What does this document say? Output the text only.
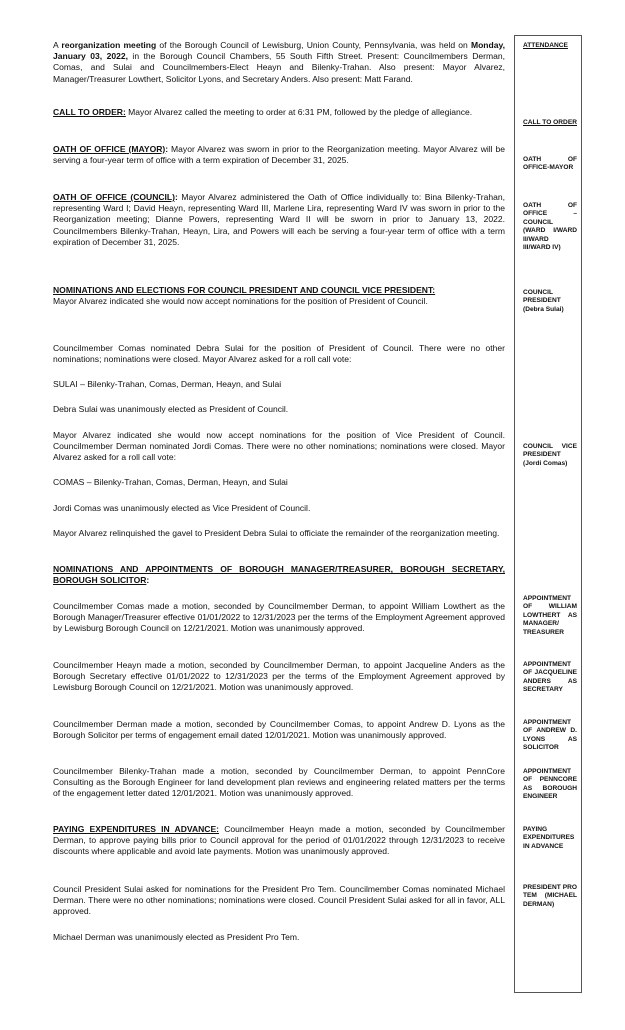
A reorganization meeting of the Borough Council of Lewisburg, Union County, Pennsylvania, was held on Monday, January 03, 2022, in the Borough Council Chambers, 55 South Fifth Street. Present: Councilmembers Derman, Comas, and Sulai and Councilmembers-Elect Heayn and Bilenky-Trahan. Also present: Mayor Alvarez, Manager/Treasurer Lowthert, Solicitor Lyons, and Secretary Anders. Also present: Matt Farand.

CALL TO ORDER: Mayor Alvarez called the meeting to order at 6:31 PM, followed by the pledge of allegiance.

OATH OF OFFICE (MAYOR): Mayor Alvarez was sworn in prior to the Reorganization meeting. Mayor Alvarez will be serving a four-year term of office with a term expiration of December 31, 2025.

OATH OF OFFICE (COUNCIL): Mayor Alvarez administered the Oath of Office individually to: Bina Bilenky-Trahan, representing Ward I; David Heayn, representing Ward III, Marlene Lira, representing Ward IV was sworn in prior to the Reorganization meeting; Dianne Powers, representing Ward II will be sworn in prior to January 13, 2022. Councilmembers Bilenky-Trahan, Heayn, Lira, and Powers will each be serving a four-year term of office with a term expiration of December 31, 2025.

NOMINATIONS AND ELECTIONS FOR COUNCIL PRESIDENT AND COUNCIL VICE PRESIDENT:
Mayor Alvarez indicated she would now accept nominations for the position of President of Council.

Councilmember Comas nominated Debra Sulai for the position of President of Council. There were no other nominations; nominations were closed. Mayor Alvarez asked for a roll call vote:

SULAI – Bilenky-Trahan, Comas, Derman, Heayn, and Sulai

Debra Sulai was unanimously elected as President of Council.

Mayor Alvarez indicated she would now accept nominations for the position of Vice President of Council. Councilmember Derman nominated Jordi Comas. There were no other nominations; nominations were closed. Mayor Alvarez asked for a roll call vote:

COMAS – Bilenky-Trahan, Comas, Derman, Heayn, and Sulai

Jordi Comas was unanimously elected as Vice President of Council.

Mayor Alvarez relinquished the gavel to President Debra Sulai to officiate the remainder of the reorganization meeting.

NOMINATIONS AND APPOINTMENTS OF BOROUGH MANAGER/TREASURER, BOROUGH SECRETARY, BOROUGH SOLICITOR:

Councilmember Comas made a motion, seconded by Councilmember Derman, to appoint William Lowthert as the Borough Manager/Treasurer effective 01/01/2022 to 12/31/2023 per the terms of the Employment Agreement approved by Lewisburg Borough Council on 12/21/2021. Motion was unanimously approved.

Councilmember Heayn made a motion, seconded by Councilmember Derman, to appoint Jacqueline Anders as the Borough Secretary effective 01/01/2022 to 12/31/2023 per the terms of the Employment Agreement approved by Lewisburg Borough Council on 12/21/2021. Motion was unanimously approved.

Councilmember Derman made a motion, seconded by Councilmember Comas, to appoint Andrew D. Lyons as the Borough Solicitor per terms of engagement email dated 12/01/2021. Motion was unanimously approved.

Councilmember Bilenky-Trahan made a motion, seconded by Councilmember Derman, to appoint PennCore Consulting as the Borough Engineer for land development plan reviews and engineering related matters per the terms of the engagement letter dated 12/01/2021. Motion was unanimously approved.

PAYING EXPENDITURES IN ADVANCE: Councilmember Heayn made a motion, seconded by Councilmember Derman, to approve paying bills prior to Council approval for the period of 01/01/2022 through 12/31/2023 to receive discounts where applicable and avoid late payments. Motion was unanimously approved.

Council President Sulai asked for nominations for the President Pro Tem. Councilmember Comas nominated Michael Derman. There were no other nominations; nominations were closed. Council President Sulai asked for all in favor, ALL approved.

Michael Derman was unanimously elected as President Pro Tem.

ATTENDANCE
CALL TO ORDER
OATH OF OFFICE-MAYOR
OATH OF OFFICE – COUNCIL (WARD I/WARD II/WARD III/WARD IV)
COUNCIL PRESIDENT
(Debra Sulai)
COUNCIL VICE PRESIDENT
(Jordi Comas)
APPOINTMENT OF WILLIAM LOWTHERT AS MANAGER/ TREASURER
APPOINTMENT OF JACQUELINE ANDERS AS SECRETARY
APPOINTMENT OF ANDREW D. LYONS AS SOLICITOR
APPOINTMENT OF PENNCORE AS BOROUGH ENGINEER
PAYING EXPENDITURES IN ADVANCE
PRESIDENT PRO TEM (MICHAEL DERMAN)
